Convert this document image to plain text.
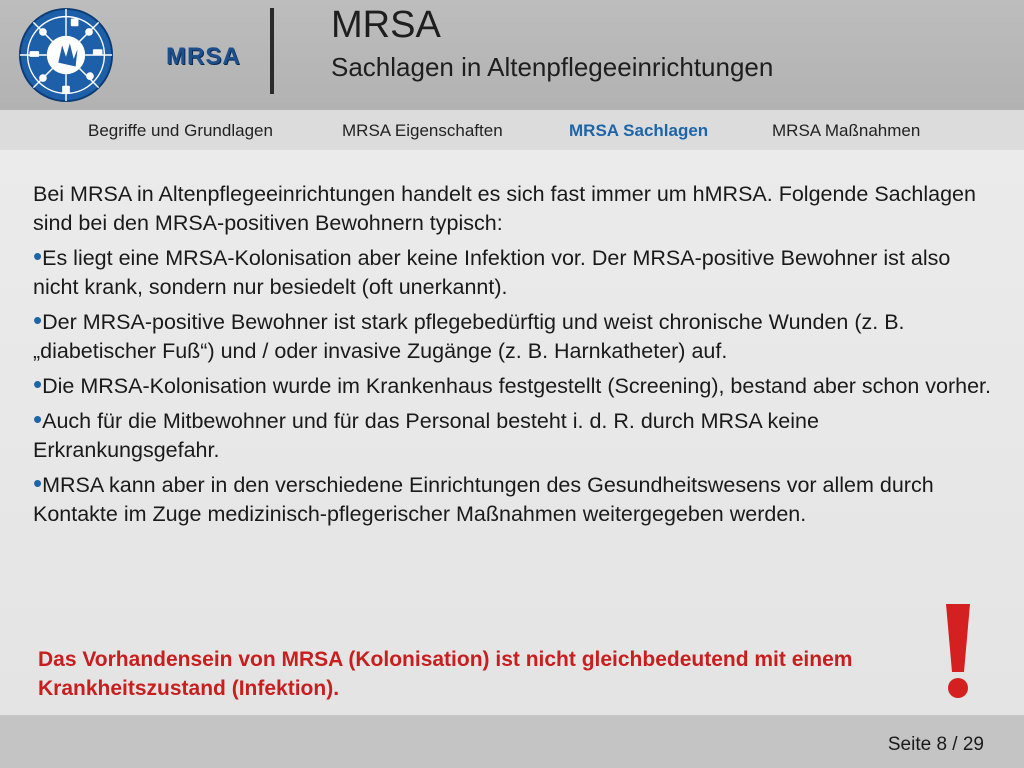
MRSA
MRSA
Sachlagen in Altenpflegeeinrichtungen
Begriffe und Grundlagen	MRSA Eigenschaften	MRSA Sachlagen	MRSA Maßnahmen

Bei MRSA in Altenpflegeeinrichtungen handelt es sich fast immer um hMRSA. Folgende Sachlagen sind bei den MRSA-positiven Bewohnern typisch:

•Es liegt eine MRSA-Kolonisation aber keine Infektion vor. Der MRSA-positive Bewohner ist also nicht krank, sondern nur besiedelt (oft unerkannt).
•Der MRSA-positive Bewohner ist stark pflegebedürftig und weist chronische Wunden (z. B. „diabetischer Fuß“) und / oder invasive Zugänge (z. B. Harnkatheter) auf.
•Die MRSA-Kolonisation wurde im Krankenhaus festgestellt (Screening), bestand aber schon vorher.
•Auch für die Mitbewohner und für das Personal besteht i. d. R. durch MRSA keine Erkrankungsgefahr.
•MRSA kann aber in den verschiedene Einrichtungen des Gesundheitswesens vor allem durch Kontakte im Zuge medizinisch-pflegerischer Maßnahmen weitergegeben werden.

Das Vorhandensein von MRSA (Kolonisation) ist nicht gleichbedeutend mit einem Krankheitszustand (Infektion).

Seite 8 / 29
